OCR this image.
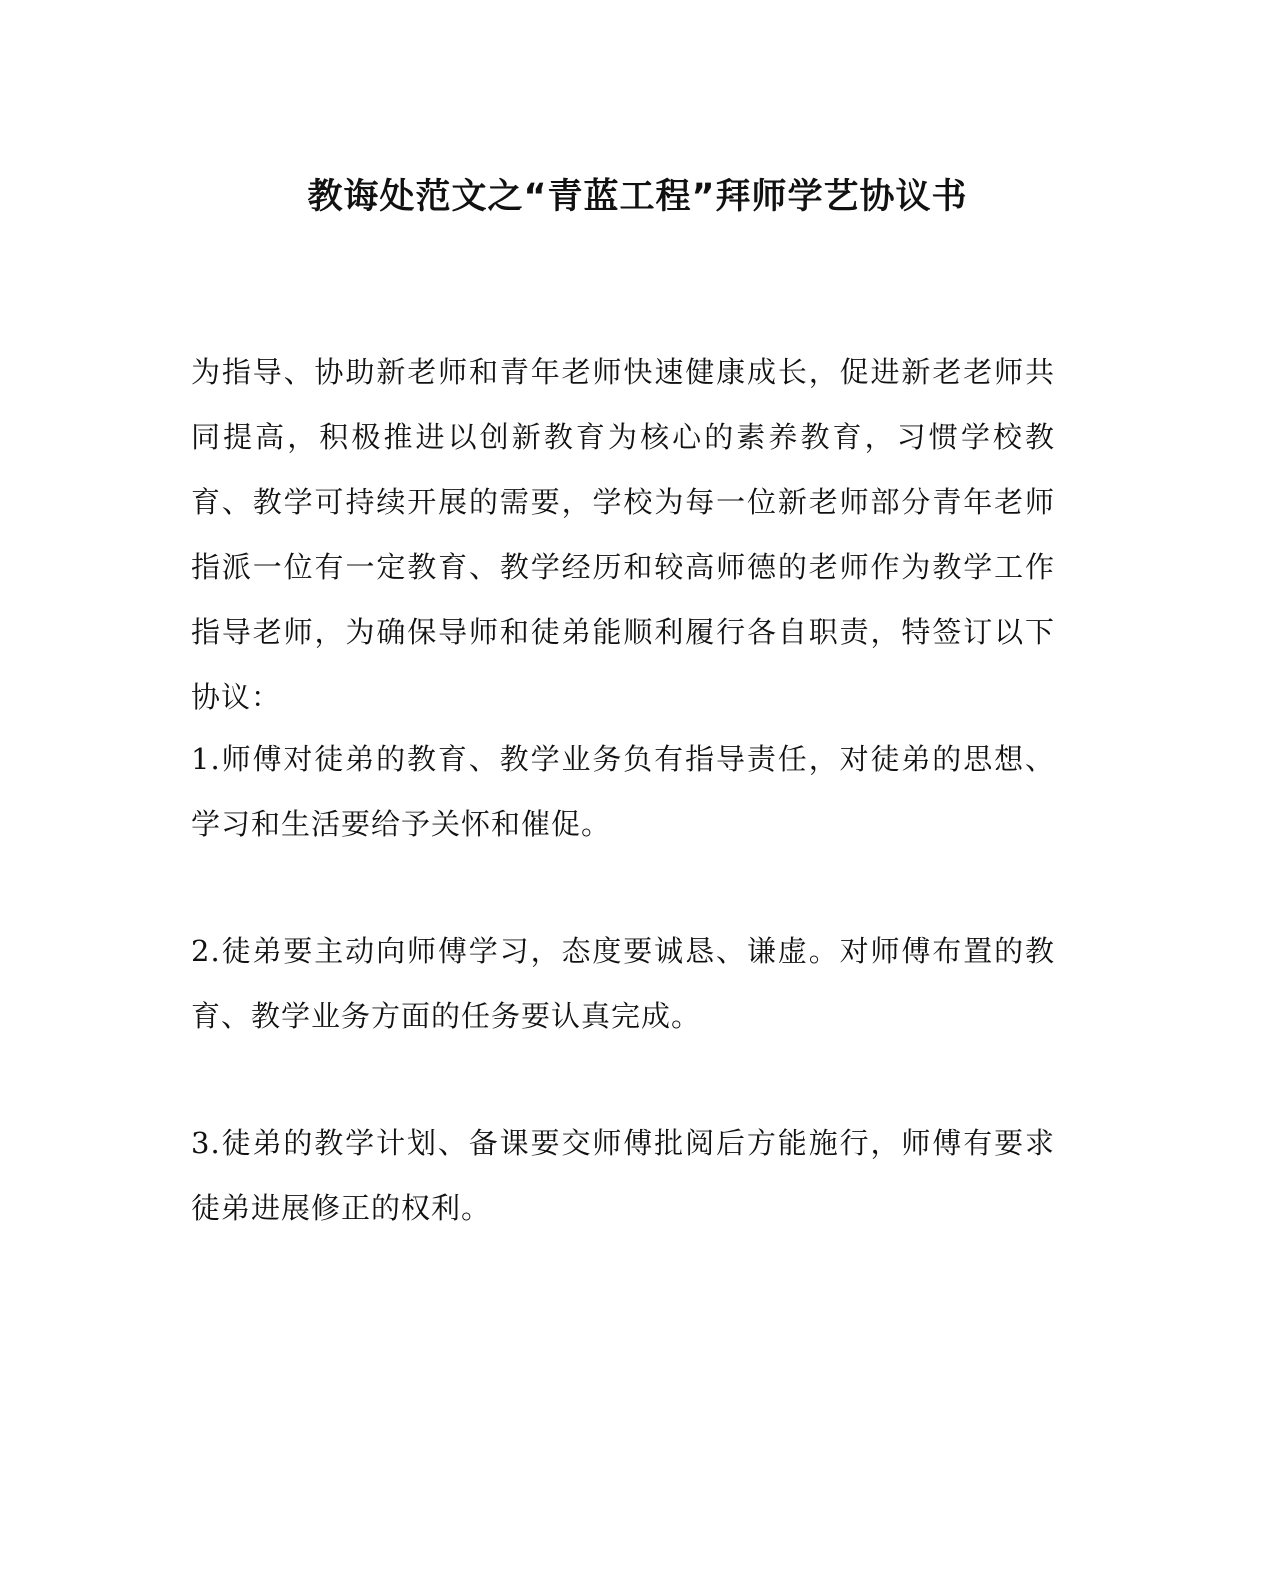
教诲处范文之“青蓝工程”拜师学艺协议书

为指导、协助新老师和青年老师快速健康成长，促进新老老师共同提高，积极推进以创新教育为核心的素养教育，习惯学校教育、教学可持续开展的需要，学校为每一位新老师部分青年老师指派一位有一定教育、教学经历和较高师德的老师作为教学工作指导老师，为确保导师和徒弟能顺利履行各自职责，特签订以下协议：

1.师傅对徒弟的教育、教学业务负有指导责任，对徒弟的思想、学习和生活要给予关怀和催促。

2.徒弟要主动向师傅学习，态度要诚恳、谦虚。对师傅布置的教育、教学业务方面的任务要认真完成。

3.徒弟的教学计划、备课要交师傅批阅后方能施行，师傅有要求徒弟进展修正的权利。
